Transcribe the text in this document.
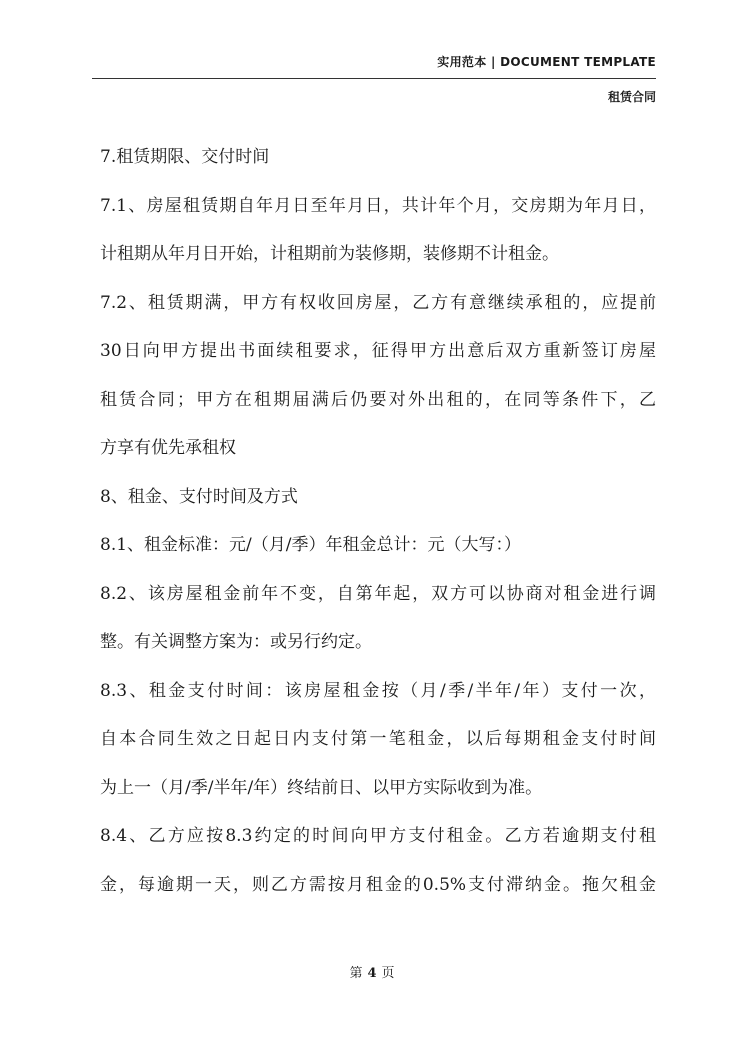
实用范本 | DOCUMENT TEMPLATE
租赁合同
7.租赁期限、交付时间
7.1、房屋租赁期自年月日至年月日，共计年个月，交房期为年月日，
计租期从年月日开始，计租期前为装修期，装修期不计租金。
7.2、租赁期满，甲方有权收回房屋，乙方有意继续承租的，应提前
30日向甲方提出书面续租要求，征得甲方出意后双方重新签订房屋
租赁合同；甲方在租期届满后仍要对外出租的，在同等条件下，乙
方享有优先承租权
8、租金、支付时间及方式
8.1、租金标准：元/（月/季）年租金总计：元（大写：）
8.2、该房屋租金前年不变，自第年起，双方可以协商对租金进行调
整。有关调整方案为：或另行约定。
8.3、租金支付时间：该房屋租金按（月/季/半年/年）支付一次，
自本合同生效之日起日内支付第一笔租金，以后每期租金支付时间
为上一（月/季/半年/年）终结前日、以甲方实际收到为准。
8.4、乙方应按8.3约定的时间向甲方支付租金。乙方若逾期支付租
金，每逾期一天，则乙方需按月租金的0.5%支付滞纳金。拖欠租金
第 4 页
